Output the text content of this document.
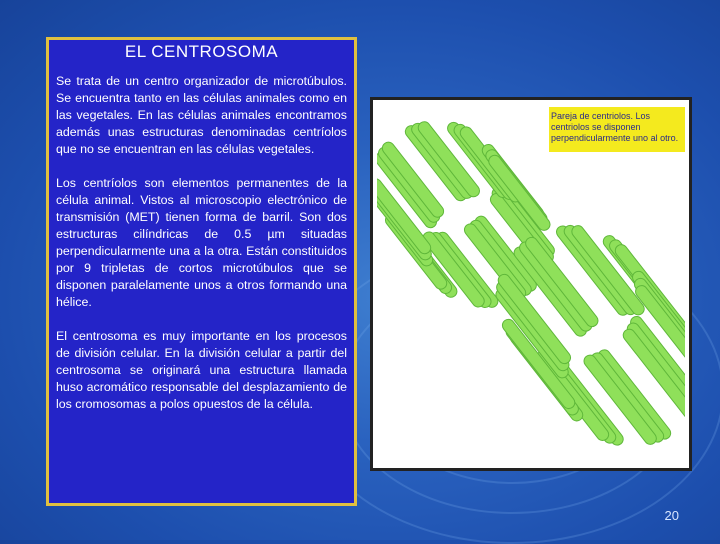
EL CENTROSOMA

Se trata de un centro organizador de microtúbulos. Se encuentra tanto en las células animales como en las vegetales. En las células animales encontramos además unas estructuras denominadas centríolos que no se encuentran en las células vegetales.

Los centríolos son elementos permanentes de la célula animal. Vistos al microscopio electrónico de transmisión (MET) tienen forma de barril. Son dos estructuras cilíndricas de 0.5 µm situadas perpendicularmente una a la otra. Están constituidos por 9 tripletas de cortos microtúbulos que se disponen paralelamente unos a otros formando una hélice.

El centrosoma es muy importante en los procesos de división celular. En la división celular a partir del centrosoma se originará una estructura llamada huso acromático responsable del desplazamiento de los cromosomas a polos opuestos de la célula.

Pareja de centriolos. Los centriolos se disponen perpendicularmente uno al otro.
20
